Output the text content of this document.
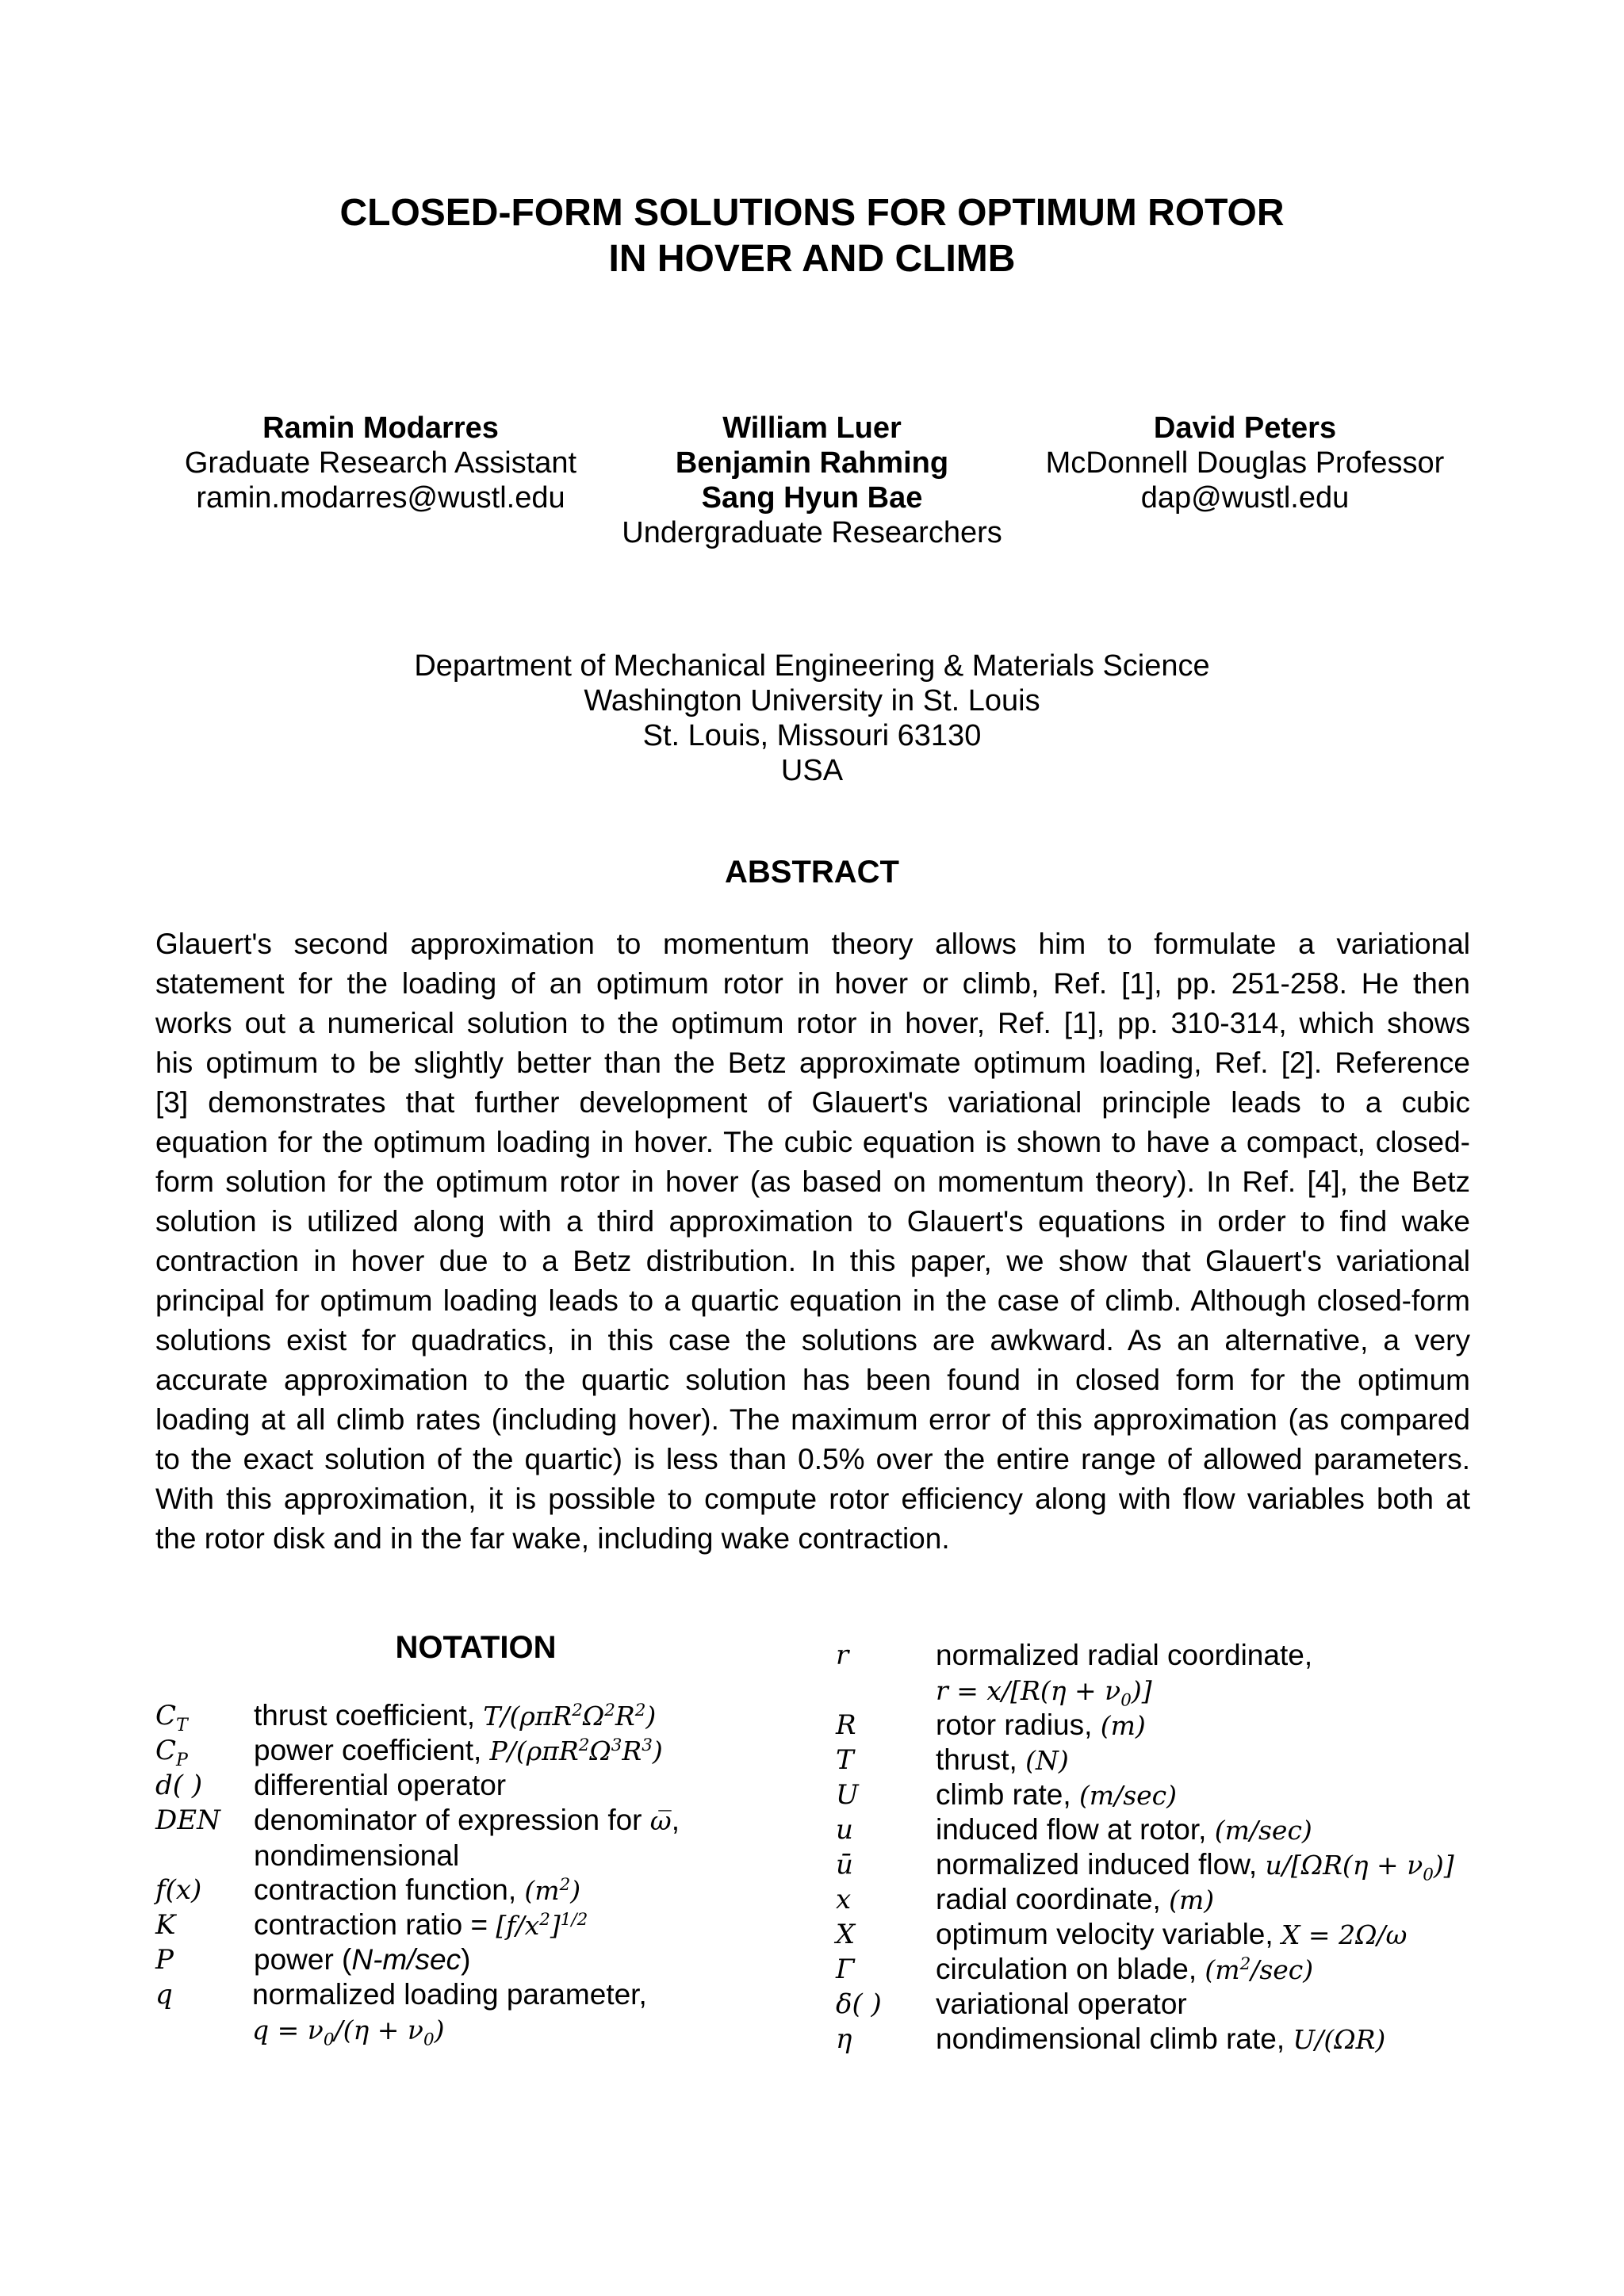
CLOSED-FORM SOLUTIONS FOR OPTIMUM ROTOR
IN HOVER AND CLIMB
Ramin Modarres
Graduate Research Assistant
ramin.modarres@wustl.edu
William Luer
Benjamin Rahming
Sang Hyun Bae
Undergraduate Researchers
David Peters
McDonnell Douglas Professor
dap@wustl.edu
Department of Mechanical Engineering & Materials Science
Washington University in St. Louis
St. Louis, Missouri 63130
USA
ABSTRACT
Glauert's second approximation to momentum theory allows him to formulate a variational
statement for the loading of an optimum rotor in hover or climb, Ref. [1], pp. 251-258. He then
works out a numerical solution to the optimum rotor in hover, Ref. [1], pp. 310-314, which shows
his optimum to be slightly better than the Betz approximate optimum loading, Ref. [2]. Reference
[3] demonstrates that further development of Glauert's variational principle leads to a cubic
equation for the optimum loading in hover. The cubic equation is shown to have a compact, closed-
form solution for the optimum rotor in hover (as based on momentum theory). In Ref. [4], the Betz
solution is utilized along with a third approximation to Glauert's equations in order to find wake
contraction in hover due to a Betz distribution. In this paper, we show that Glauert's variational
principal for optimum loading leads to a quartic equation in the case of climb. Although closed-form
solutions exist for quadratics, in this case the solutions are awkward. As an alternative, a very
accurate approximation to the quartic solution has been found in closed form for the optimum
loading at all climb rates (including hover). The maximum error of this approximation (as compared
to the exact solution of the quartic) is less than 0.5% over the entire range of allowed parameters.
With this approximation, it is possible to compute rotor efficiency along with flow variables both at
the rotor disk and in the far wake, including wake contraction.
NOTATION
$C_T$ thrust coefficient, $T/(\rho\pi R^2\Omega^2R^2)$
$C_P$ power coefficient, $P/(\rho\pi R^2\Omega^3R^3)$
d( ) differential operator
DEN denominator of expression for ω̅,
nondimensional
f(x) contraction function, $(m^2)$
K	contraction ratio = $[f/x^2]^{1/2}$
P	power (N-m/sec)
q	normalized loading parameter,
$q = \nu_0/(\eta + \nu_0)$
r	normalized radial coordinate,
$r = x/[R(\eta + \nu_0)]$
R	rotor radius, (m)
T	thrust, (N)
U	climb rate, (m/sec)
u	induced flow at rotor, (m/sec)
ū	normalized induced flow, $u/[\Omega R(\eta + \nu_0)]$
x	radial coordinate, (m)
X	optimum velocity variable, X = 2Ω/ω
Γ	circulation on blade, $(m^2/\sec)$
δ( ) variational operator
η	nondimensional climb rate, U/(ΩR)
